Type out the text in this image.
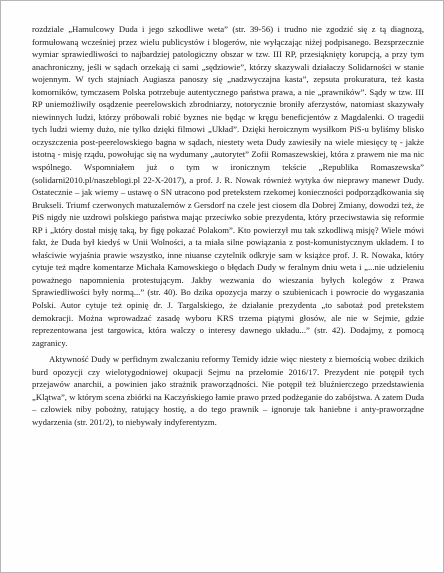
rozdziale „Hamulcowy Duda i jego szkodliwe weta” (str. 39-56) i trudno nie zgodzić się z tą diagnozą, formułowaną wcześniej przez wielu publicystów i blogerów, nie wyłączając niżej podpisanego. Bezsprzecznie wymiar sprawiedliwości to najbardziej patologiczny obszar w tzw. III RP, przesiąknięty korupcją, a przy tym anachroniczny, jeśli w sądach orzekają ci sami „sędziowie”, którzy skazywali działaczy Solidarności w stanie wojennym. W tych stajniach Augiasza panoszy się „nadzwyczajna kasta”, zepsuta prokuratura, też kasta komorników, tymczasem Polska potrzebuje autentycznego państwa prawa, a nie „prawników”. Sądy w tzw. III RP uniemożliwiły osądzenie peerelowskich zbrodniarzy, notorycznie broniły aferzystów, natomiast skazywały niewinnych ludzi, którzy próbowali robić byznes nie będąc w kręgu beneficjentów z Magdalenki. O tragedii tych ludzi wiemy dużo, nie tylko dzięki filmowi „Układ”. Dzięki heroicznym wysiłkom PiS-u byliśmy blisko oczyszczenia post-peerelowskiego bagna w sądach, niestety weta Dudy zawiesiły na wiele miesięcy tę - jakże istotną - misję rządu, powołując się na wydumany „autorytet” Zofii Romaszewskiej, która z prawem nie ma nic wspólnego. Wspomniałem już o tym w ironicznym tekście „Republika Romaszewska” (solidarni2010.pl/naszeblogi.pl 22-X-2017), a prof. J. R. Nowak również wytyka ów nieprawy manewr Dudy. Ostatecznie – jak wiemy – ustawę o SN utracono pod pretekstem rzekomej konieczności podporządkowania się Brukseli. Triumf czerwonych matuzalemów z Gersdorf na czele jest ciosem dla Dobrej Zmiany, dowodzi też, że PiS nigdy nie uzdrowi polskiego państwa mając przeciwko sobie prezydenta, który przeciwstawia się reformie RP i „który dostał misję taką, by figę pokazać Polakom”. Kto powierzył mu tak szkodliwą misję? Wiele mówi fakt, że Duda był kiedyś w Unii Wolności, a ta miała silne powiązania z post-komunistycznym układem. I to właściwie wyjaśnia prawie wszystko, inne niuanse czytelnik odkryje sam w książce prof. J. R. Nowaka, który cytuje też mądre komentarze Michała Kamowskiego o błędach Dudy w feralnym dniu weta i „...nie udzieleniu poważnego napomnienia protestującym. Jakby wezwania do wieszania byłych kolegów z Prawa Sprawiedliwości były normą...” (str. 40). Bo dzika opozycja marzy o szubienicach i powrocie do wygaszania Polski. Autor cytuje też opinię dr. J. Targalskiego, że działanie prezydenta „to sabotaż pod pretekstem demokracji. Można wprowadzać zasadę wyboru KRS trzema piątymi głosów, ale nie w Sejmie, gdzie reprezentowana jest targowica, która walczy o interesy dawnego układu...” (str. 42). Dodajmy, z pomocą zagranicy.

Aktywność Dudy w perfidnym zwalczaniu reformy Temidy idzie więc niestety z biernością wobec dzikich burd opozycji czy wielotygodniowej okupacji Sejmu na przełomie 2016/17. Prezydent nie potępił tych przejawów anarchii, a powinien jako strażnik praworządności. Nie potępił też bluźnierczego przedstawienia „Klątwa”, w którym scena zbiórki na Kaczyńskiego łamie prawo przed podżeganie do zabójstwa. A zatem Duda – człowiek niby pobożny, ratujący hostię, a do tego prawnik – ignoruje tak haniebne i anty-praworządne wydarzenia (str. 201/2), to niebywały indyferentyzm.
